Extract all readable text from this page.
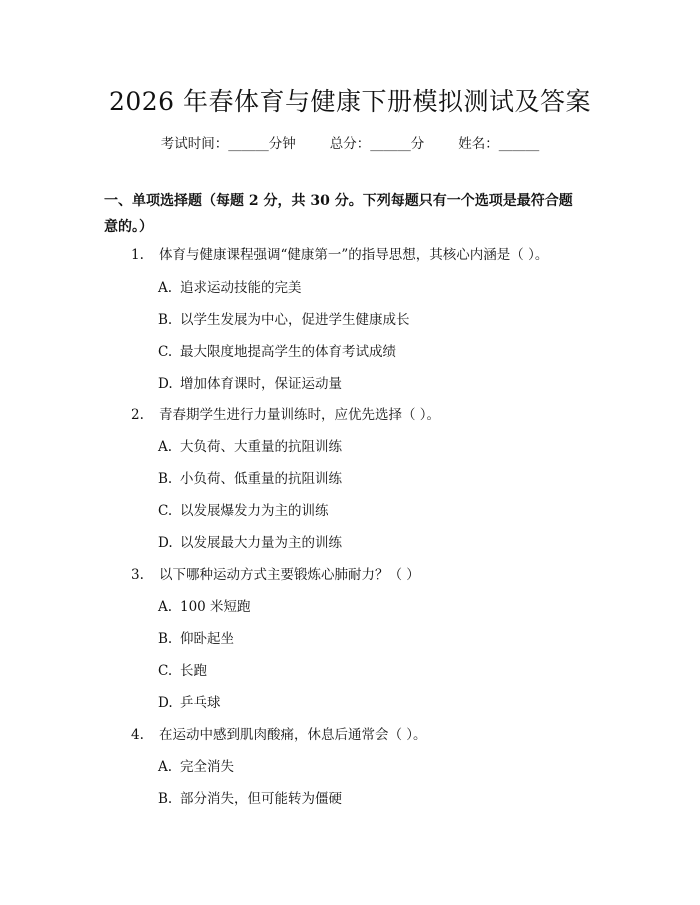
2026 年春体育与健康下册模拟测试及答案
考试时间：______分钟	总分：______分	姓名：______
一、单项选择题（每题 2 分，共 30 分。下列每题只有一个选项是最符合题意的。）
1. 体育与健康课程强调“健康第一”的指导思想，其核心内涵是（ ）。
A. 追求运动技能的完美
B. 以学生发展为中心，促进学生健康成长
C. 最大限度地提高学生的体育考试成绩
D. 增加体育课时，保证运动量
2. 青春期学生进行力量训练时，应优先选择（ ）。
A. 大负荷、大重量的抗阻训练
B. 小负荷、低重量的抗阻训练
C. 以发展爆发力为主的训练
D. 以发展最大力量为主的训练
3. 以下哪种运动方式主要锻炼心肺耐力？（ ）
A. 100 米短跑
B. 仰卧起坐
C. 长跑
D. 乒乓球
4. 在运动中感到肌肉酸痛，休息后通常会（ ）。
A. 完全消失
B. 部分消失，但可能转为僵硬
